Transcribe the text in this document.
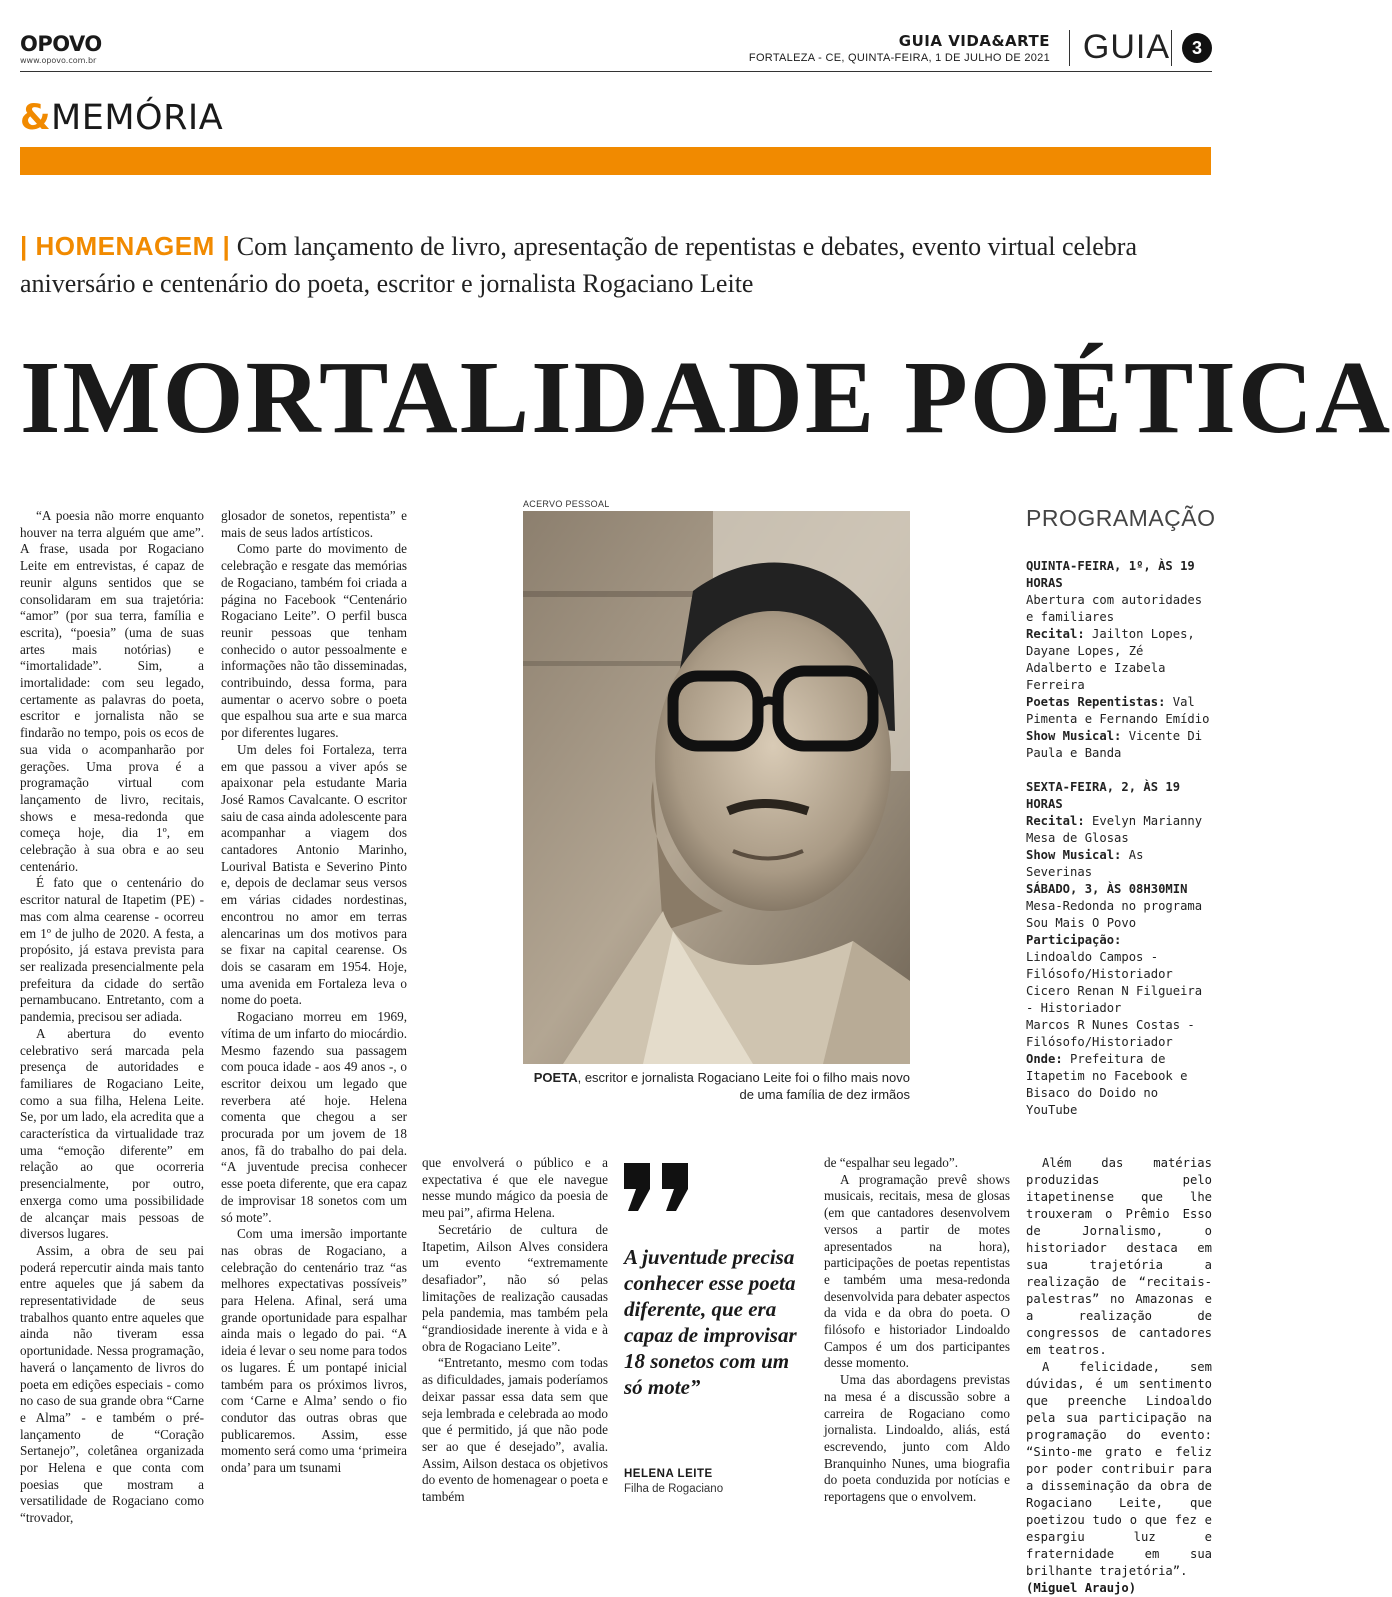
OPOVO
www.opovo.com.br
GUIA VIDA&ARTE
FORTALEZA - CE, QUINTA-FEIRA, 1 DE JULHO DE 2021 GUIA	3
&MEMÓRIA
| HOMENAGEM | Com lançamento de livro, apresentação de repentistas e debates, evento virtual celebra aniversário e centenário do poeta, escritor e jornalista Rogaciano Leite
IMORTALIDADE POÉTICA

“A poesia não morre enquanto houver na terra alguém que ame”. A frase, usada por Rogaciano Leite em entrevistas, é capaz de reunir alguns sentidos que se consolidaram em sua trajetória: “amor” (por sua terra, família e escrita), “poesia” (uma de suas artes mais notórias) e “imortalidade”. Sim, a imortalidade: com seu legado, certamente as palavras do poeta, escritor e jornalista não se findarão no tempo, pois os ecos de sua vida o acompanharão por gerações. Uma prova é a programação virtual com lançamento de livro, recitais, shows e mesa-redonda que começa hoje, dia 1º, em celebração à sua obra e ao seu centenário.

É fato que o centenário do escritor natural de Itapetim (PE) - mas com alma cearense - ocorreu em 1º de julho de 2020. A festa, a propósito, já estava prevista para ser realizada presencialmente pela prefeitura da cidade do sertão pernambucano. Entretanto, com a pandemia, precisou ser adiada.

A abertura do evento celebrativo será marcada pela presença de autoridades e familiares de Rogaciano Leite, como a sua filha, Helena Leite. Se, por um lado, ela acredita que a característica da virtualidade traz uma “emoção diferente” em relação ao que ocorreria presencialmente, por outro, enxerga como uma possibilidade de alcançar mais pessoas de diversos lugares.

Assim, a obra de seu pai poderá repercutir ainda mais tanto entre aqueles que já sabem da representatividade de seus trabalhos quanto entre aqueles que ainda não tiveram essa oportunidade. Nessa programação, haverá o lançamento de livros do poeta em edições especiais - como no caso de sua grande obra “Carne e Alma” - e também o pré-lançamento de “Coração Sertanejo”, coletânea organizada por Helena e que conta com poesias que mostram a versatilidade de Rogaciano como “trovador,

glosador de sonetos, repentista” e mais de seus lados artísticos.

Como parte do movimento de celebração e resgate das memórias de Rogaciano, também foi criada a página no Facebook “Centenário Rogaciano Leite”. O perfil busca reunir pessoas que tenham conhecido o autor pessoalmente e informações não tão disseminadas, contribuindo, dessa forma, para aumentar o acervo sobre o poeta que espalhou sua arte e sua marca por diferentes lugares.

Um deles foi Fortaleza, terra em que passou a viver após se apaixonar pela estudante Maria José Ramos Cavalcante. O escritor saiu de casa ainda adolescente para acompanhar a viagem dos cantadores Antonio Marinho, Lourival Batista e Severino Pinto e, depois de declamar seus versos em várias cidades nordestinas, encontrou no amor em terras alencarinas um dos motivos para se fixar na capital cearense. Os dois se casaram em 1954. Hoje, uma avenida em Fortaleza leva o nome do poeta.

Rogaciano morreu em 1969, vítima de um infarto do miocárdio. Mesmo fazendo sua passagem com pouca idade - aos 49 anos -, o escritor deixou um legado que reverbera até hoje. Helena comenta que chegou a ser procurada por um jovem de 18 anos, fã do trabalho do pai dela. “A juventude precisa conhecer esse poeta diferente, que era capaz de improvisar 18 sonetos com um só mote”.

Com uma imersão importante nas obras de Rogaciano, a celebração do centenário traz “as melhores expectativas possíveis” para Helena. Afinal, será uma grande oportunidade para espalhar ainda mais o legado do pai. “A ideia é levar o seu nome para todos os lugares. É um pontapé inicial também para os próximos livros, com ‘Carne e Alma’ sendo o fio condutor das outras obras que publicaremos. Assim, esse momento será como uma ‘primeira onda’ para um tsunami

ACERVO PESSOAL
POETA, escritor e jornalista Rogaciano Leite foi o filho mais novo de uma família de dez irmãos
PROGRAMAÇÃO
QUINTA-FEIRA, 1º, ÀS 19 HORAS
Abertura com autoridades e familiares
Recital: Jailton Lopes, Dayane Lopes, Zé Adalberto e Izabela Ferreira
Poetas Repentistas: Val Pimenta e Fernando Emídio
Show Musical: Vicente Di Paula e Banda
SEXTA-FEIRA, 2, ÀS 19 HORAS
Recital: Evelyn Marianny
Mesa de Glosas
Show Musical: As Severinas
SÁBADO, 3, ÀS 08H30MIN
Mesa-Redonda no programa Sou Mais O Povo
Participação:
Lindoaldo Campos - Filósofo/Historiador
Cicero Renan N Filgueira - Historiador
Marcos R Nunes Costas - Filósofo/Historiador
Onde: Prefeitura de Itapetim no Facebook e Bisaco do Doido no YouTube

que envolverá o público e a expectativa é que ele navegue nesse mundo mágico da poesia de meu pai”, afirma Helena.

Secretário de cultura de Itapetim, Ailson Alves considera um evento “extremamente desafiador”, não só pelas limitações de realização causadas pela pandemia, mas também pela “grandiosidade inerente à vida e à obra de Rogaciano Leite”.

“Entretanto, mesmo com todas as dificuldades, jamais poderíamos deixar passar essa data sem que seja lembrada e celebrada ao modo que é permitido, já que não pode ser ao que é desejado”, avalia. Assim, Ailson destaca os objetivos do evento de homenagear o poeta e também

A juventude precisa conhecer esse poeta diferente, que era capaz de improvisar 18 sonetos com um só mote”
HELENA LEITE
Filha de Rogaciano

de “espalhar seu legado”.

A programação prevê shows musicais, recitais, mesa de glosas (em que cantadores desenvolvem versos a partir de motes apresentados na hora), participações de poetas repentistas e também uma mesa-redonda desenvolvida para debater aspectos da vida e da obra do poeta. O filósofo e historiador Lindoaldo Campos é um dos participantes desse momento.

Uma das abordagens previstas na mesa é a discussão sobre a carreira de Rogaciano como jornalista. Lindoaldo, aliás, está escrevendo, junto com Aldo Branquinho Nunes, uma biografia do poeta conduzida por notícias e reportagens que o envolvem.

Além das matérias produzidas pelo itapetinense que lhe trouxeram o Prêmio Esso de Jornalismo, o historiador destaca em sua trajetória a realização de “recitais-palestras” no Amazonas e a realização de congressos de cantadores em teatros.

A felicidade, sem dúvidas, é um sentimento que preenche Lindoaldo pela sua participação na programação do evento: “Sinto-me grato e feliz por poder contribuir para a disseminação da obra de Rogaciano Leite, que poetizou tudo o que fez e espargiu luz e fraternidade em sua brilhante trajetória”.

(Miguel Araujo)
